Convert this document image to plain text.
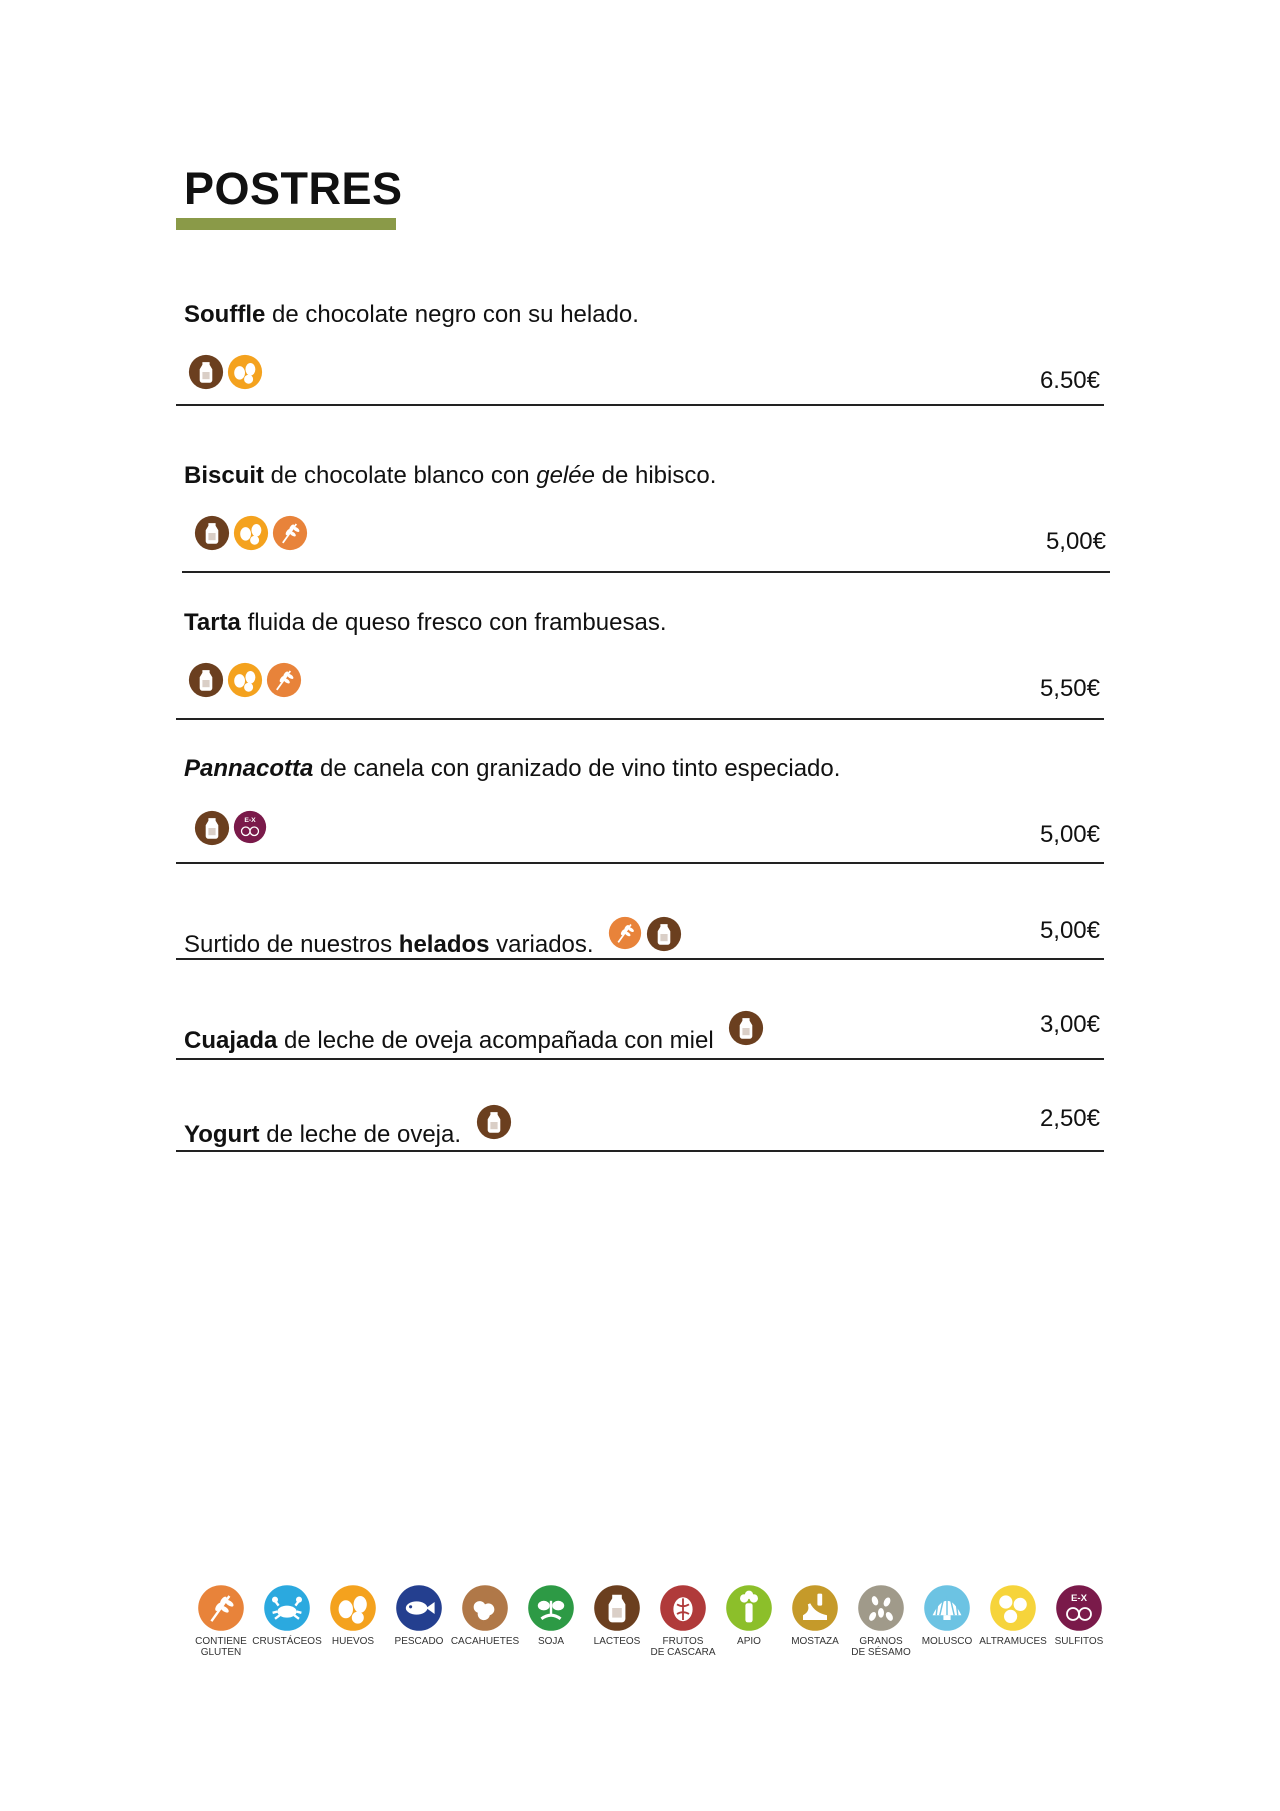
POSTRES
Souffle de chocolate negro con su helado.
6.50€
Biscuit de chocolate blanco con gelée de hibisco.
5,00€
Tarta fluida de queso fresco con frambuesas.
5,50€
Pannacotta de canela con granizado de vino tinto especiado.
5,00€
Surtido de nuestros helados variados.
5,00€
Cuajada de leche de oveja acompañada con miel
3,00€
Yogurt de leche de oveja.
2,50€
CONTIENE
GLUTEN
CRUSTÁCEOS HUEVOS PESCADO CACAHUETES SOJA	LACTEOS	FRUTOS
DE CASCARA
APIO	MOSTAZA	GRANOS
DE SÉSAMO
MOLUSCO ALTRAMUCES SULFITOS
